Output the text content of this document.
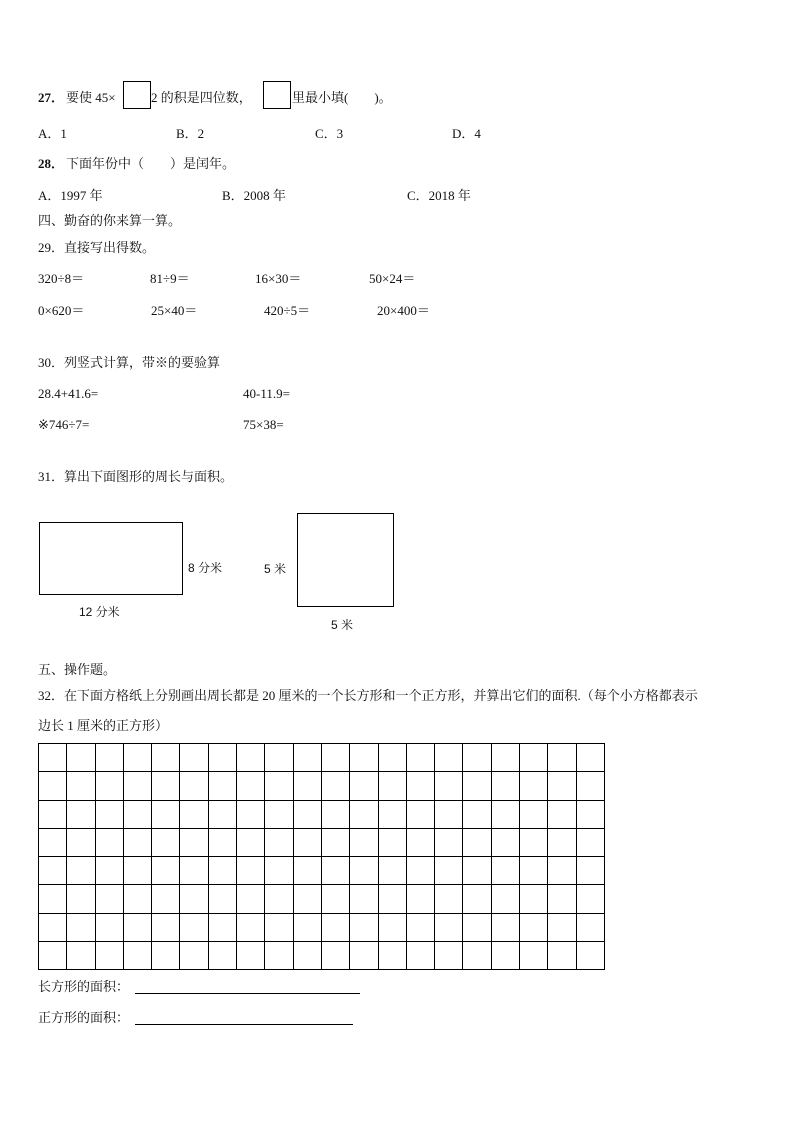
27． 要使 45×	2 的积是四位数，	里最小填(　　)。
A．1	B．2	C．3	D．4
28． 下面年份中（　　）是闰年。
A．1997 年	B．2008 年	C．2018 年
四、勤奋的你来算一算。
29．直接写出得数。
320÷8＝	81÷9＝	16×30＝	50×24＝
0×620＝	25×40＝	420÷5＝	20×400＝
30．列竖式计算，带※的要验算
28.4+41.6=	40-11.9=
※746÷7=	75×38=
31．算出下面图形的周长与面积。
8 分米
12 分米
5 米
5 米
五、操作题。
32．在下面方格纸上分别画出周长都是 20 厘米的一个长方形和一个正方形，并算出它们的面积.（每个小方格都表示
边长 1 厘米的正方形）

长方形的面积：
正方形的面积：
